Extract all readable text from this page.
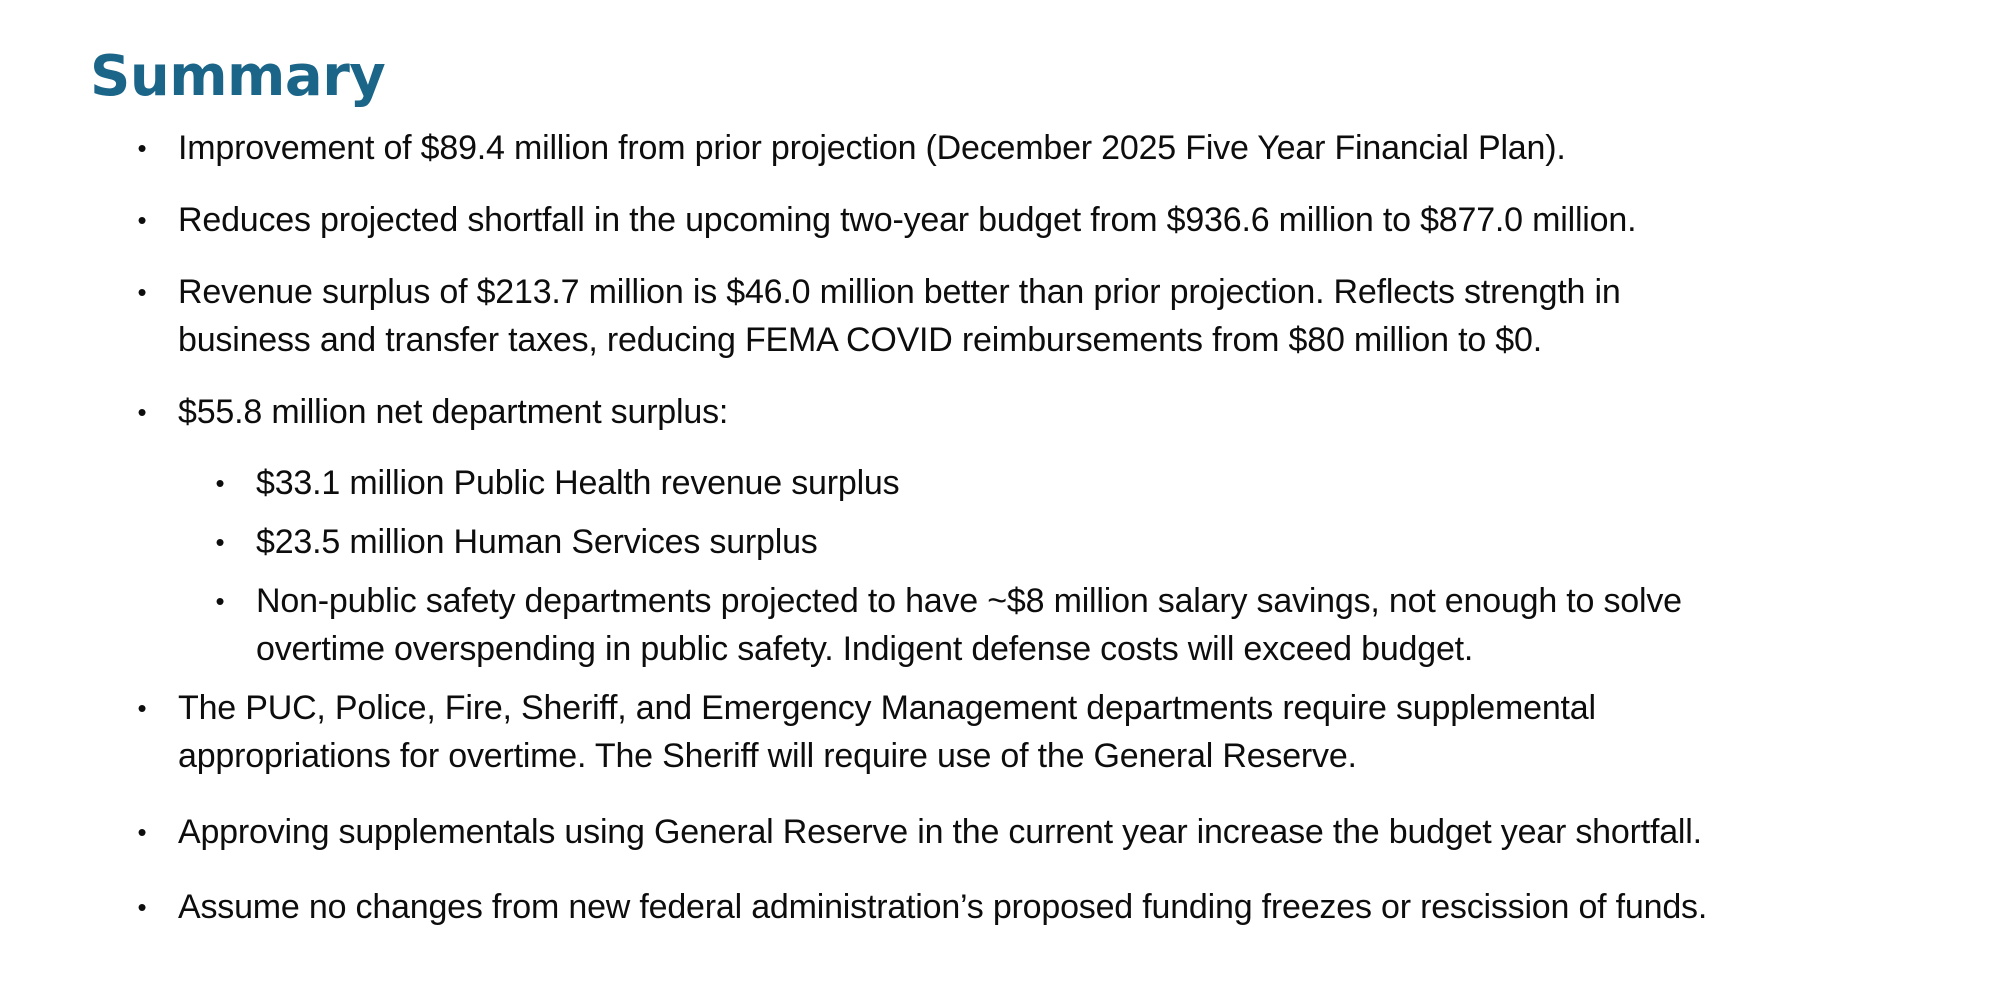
Summary
• Improvement of $89.4 million from prior projection (December 2025 Five Year Financial Plan).
• Reduces projected shortfall in the upcoming two-year budget from $936.6 million to $877.0 million.
• Revenue surplus of $213.7 million is $46.0 million better than prior projection. Reflects strength in
business and transfer taxes, reducing FEMA COVID reimbursements from $80 million to $0.
• $55.8 million net department surplus:
• $33.1 million Public Health revenue surplus
• $23.5 million Human Services surplus
• Non-public safety departments projected to have ~$8 million salary savings, not enough to solve
overtime overspending in public safety. Indigent defense costs will exceed budget.
• The PUC, Police, Fire, Sheriff, and Emergency Management departments require supplemental
appropriations for overtime. The Sheriff will require use of the General Reserve.
• Approving supplementals using General Reserve in the current year increase the budget year shortfall.
• Assume no changes from new federal administration’s proposed funding freezes or rescission of funds.
